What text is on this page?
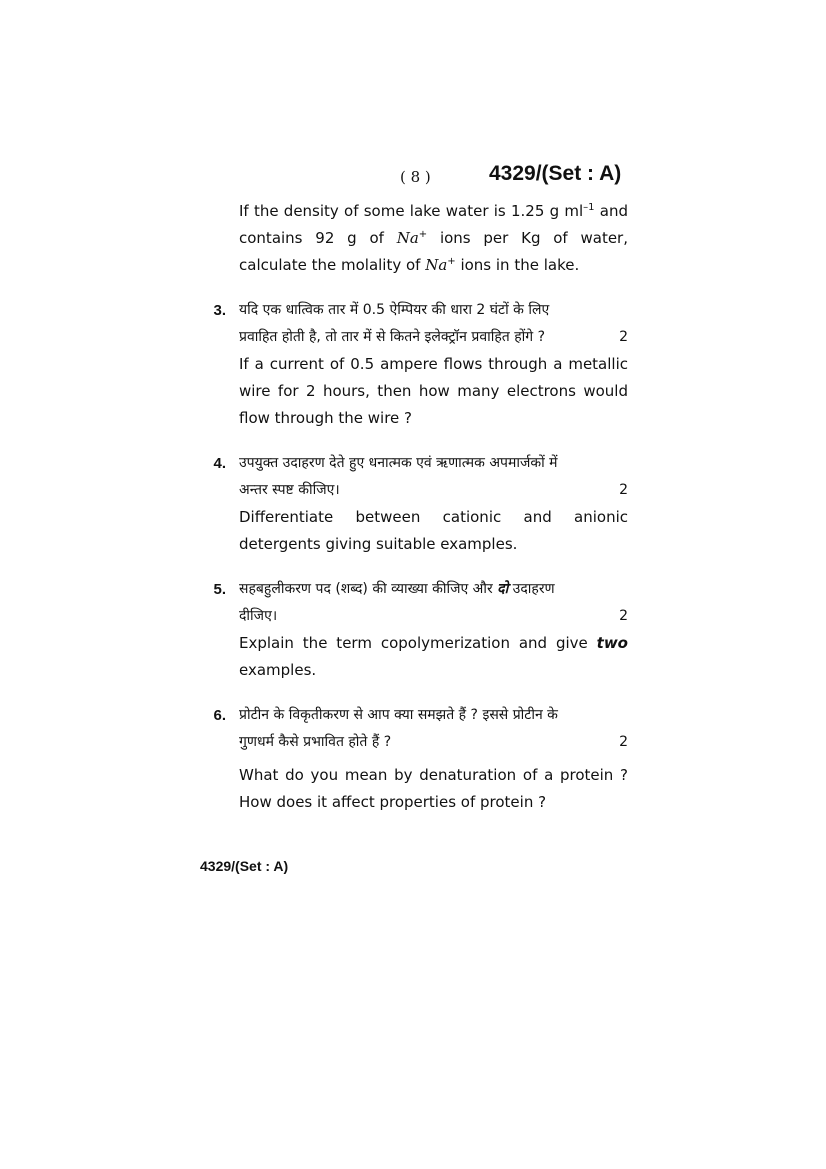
( 8 )	4329/(Set : A)
If the density of some lake water is 1.25 g $ml^{-1}$ and contains 92 g of Na+ ions per Kg of water, calculate the molality of Na+ ions in the lake.
3. यदि एक धात्विक तार में 0.5 ऐम्पियर की धारा 2 घंटों के लिए
प्रवाहित होती है, तो तार में से कितने इलेक्ट्रॉन प्रवाहित होंगे ?	2
If a current of 0.5 ampere flows through a metallic wire for 2 hours, then how many electrons would flow through the wire ?
4. उपयुक्त उदाहरण देते हुए धनात्मक एवं ऋणात्मक अपमार्जकों में
अन्तर स्पष्ट कीजिए।	2
Differentiate between cationic and anionic detergents giving suitable examples.
5. सहबहुलीकरण पद (शब्द) की व्याख्या कीजिए और दो उदाहरण
दीजिए।	2
Explain the term copolymerization and give two examples.
6. प्रोटीन के विकृतीकरण से आप क्या समझते हैं ? इससे प्रोटीन के
गुणधर्म कैसे प्रभावित होते हैं ?	2
What do you mean by denaturation of a protein ? How does it affect properties of protein ?
4329/(Set : A)
